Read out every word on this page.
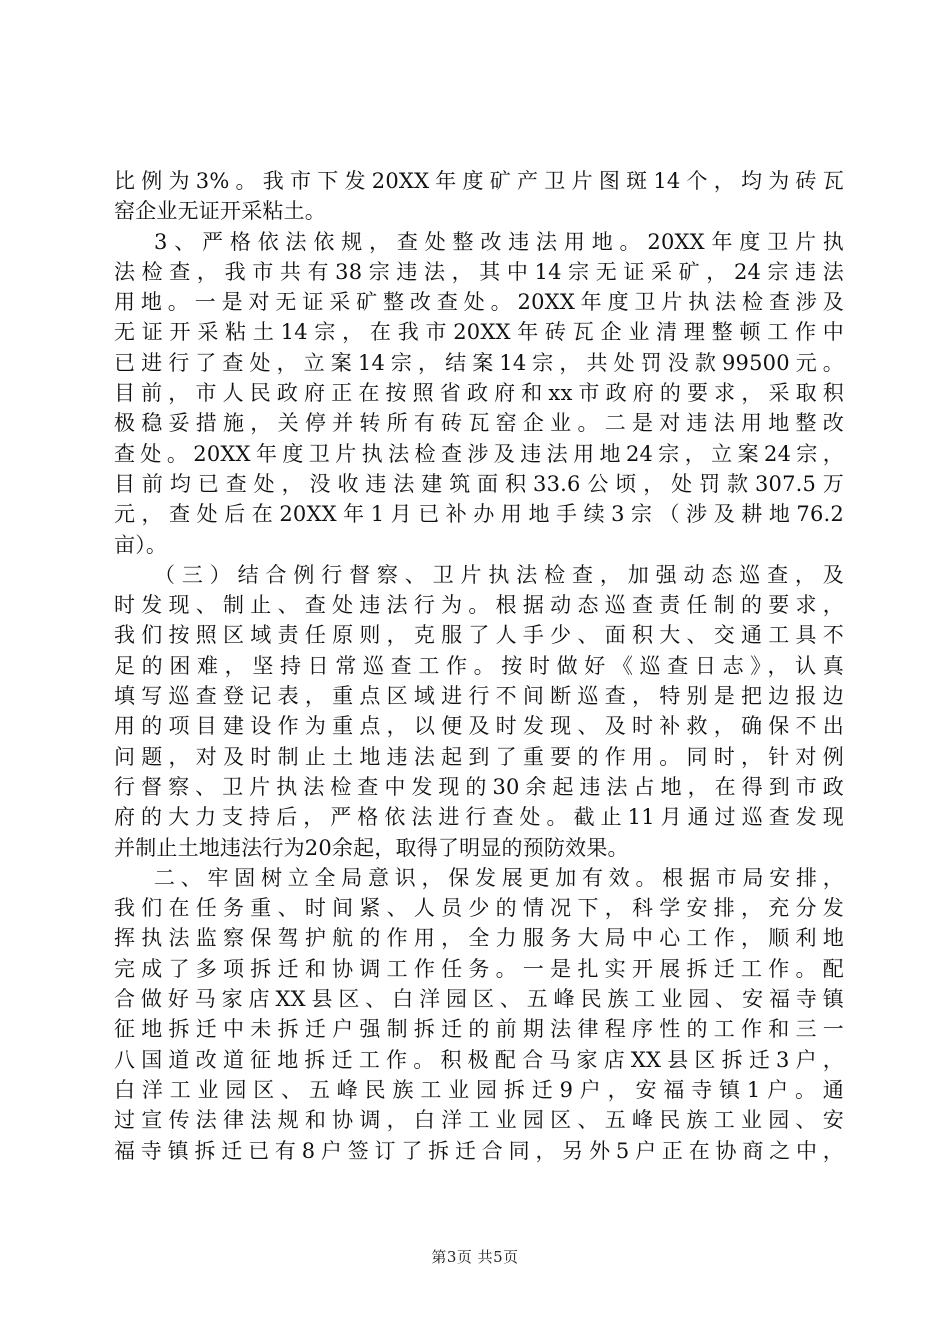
比例为3%。我市下发20XX年度矿产卫片图斑14个，均为砖瓦
窑企业无证开采粘土。
3、严格依法依规，查处整改违法用地。20XX年度卫片执
法检查，我市共有38宗违法，其中14宗无证采矿，24宗违法
用地。一是对无证采矿整改查处。20XX年度卫片执法检查涉及
无证开采粘土14宗，在我市20XX年砖瓦企业清理整顿工作中
已进行了查处，立案14宗，结案14宗，共处罚没款99500元。
目前，市人民政府正在按照省政府和xx市政府的要求，采取积
极稳妥措施，关停并转所有砖瓦窑企业。二是对违法用地整改
查处。20XX年度卫片执法检查涉及违法用地24宗，立案24宗，
目前均已查处，没收违法建筑面积33.6公顷，处罚款307.5万
元，查处后在20XX年1月已补办用地手续3宗（涉及耕地76.2
亩）。
（三）结合例行督察、卫片执法检查，加强动态巡查，及
时发现、制止、查处违法行为。根据动态巡查责任制的要求，
我们按照区域责任原则，克服了人手少、面积大、交通工具不
足的困难，坚持日常巡查工作。按时做好《巡查日志》，认真
填写巡查登记表，重点区域进行不间断巡查，特别是把边报边
用的项目建设作为重点，以便及时发现、及时补救，确保不出
问题，对及时制止土地违法起到了重要的作用。同时，针对例
行督察、卫片执法检查中发现的30余起违法占地，在得到市政
府的大力支持后，严格依法进行查处。截止11月通过巡查发现
并制止土地违法行为20余起，取得了明显的预防效果。
二、牢固树立全局意识，保发展更加有效。根据市局安排，
我们在任务重、时间紧、人员少的情况下，科学安排，充分发
挥执法监察保驾护航的作用，全力服务大局中心工作，顺利地
完成了多项拆迁和协调工作任务。一是扎实开展拆迁工作。配
合做好马家店XX县区、白洋园区、五峰民族工业园、安福寺镇
征地拆迁中未拆迁户强制拆迁的前期法律程序性的工作和三一
八国道改道征地拆迁工作。积极配合马家店XX县区拆迁3户，
白洋工业园区、五峰民族工业园拆迁9户，安福寺镇1户。通
过宣传法律法规和协调，白洋工业园区、五峰民族工业园、安
福寺镇拆迁已有8户签订了拆迁合同，另外5户正在协商之中，
第3页 共5页
